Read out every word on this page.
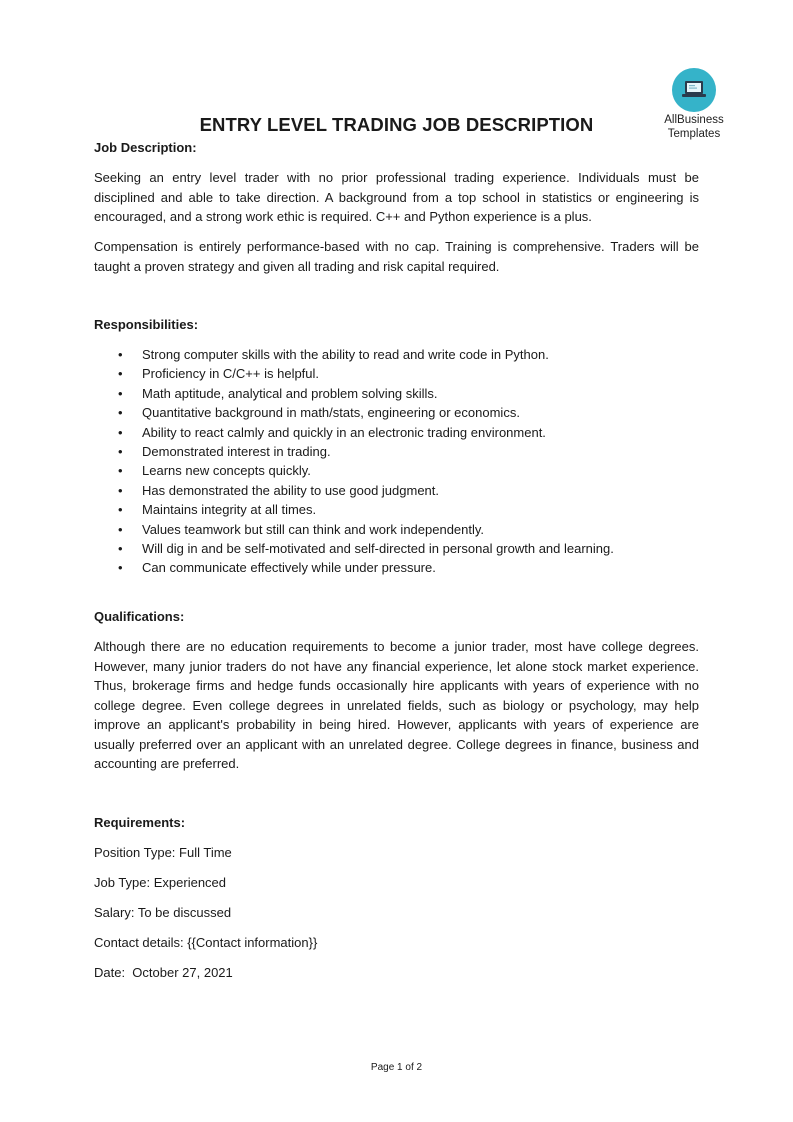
AllBusiness
Templates
ENTRY LEVEL TRADING JOB DESCRIPTION
Job Description:
Seeking an entry level trader with no prior professional trading experience. Individuals must be disciplined and able to take direction. A background from a top school in statistics or engineering is encouraged, and a strong work ethic is required. C++ and Python experience is a plus.
Compensation is entirely performance-based with no cap. Training is comprehensive. Traders will be taught a proven strategy and given all trading and risk capital required.
Responsibilities:
• Strong computer skills with the ability to read and write code in Python.
• Proficiency in C/C++ is helpful.
• Math aptitude, analytical and problem solving skills.
• Quantitative background in math/stats, engineering or economics.
• Ability to react calmly and quickly in an electronic trading environment.
• Demonstrated interest in trading.
• Learns new concepts quickly.
• Has demonstrated the ability to use good judgment.
• Maintains integrity at all times.
• Values teamwork but still can think and work independently.
• Will dig in and be self-motivated and self-directed in personal growth and learning.
• Can communicate effectively while under pressure.
Qualifications:
Although there are no education requirements to become a junior trader, most have college degrees. However, many junior traders do not have any financial experience, let alone stock market experience. Thus, brokerage firms and hedge funds occasionally hire applicants with years of experience with no college degree. Even college degrees in unrelated fields, such as biology or psychology, may help improve an applicant's probability in being hired. However, applicants with years of experience are usually preferred over an applicant with an unrelated degree. College degrees in finance, business and accounting are preferred.
Requirements:
Position Type: Full Time
Job Type: Experienced
Salary: To be discussed
Contact details: {{Contact information}}
Date:  October 27, 2021
Page 1 of 2
